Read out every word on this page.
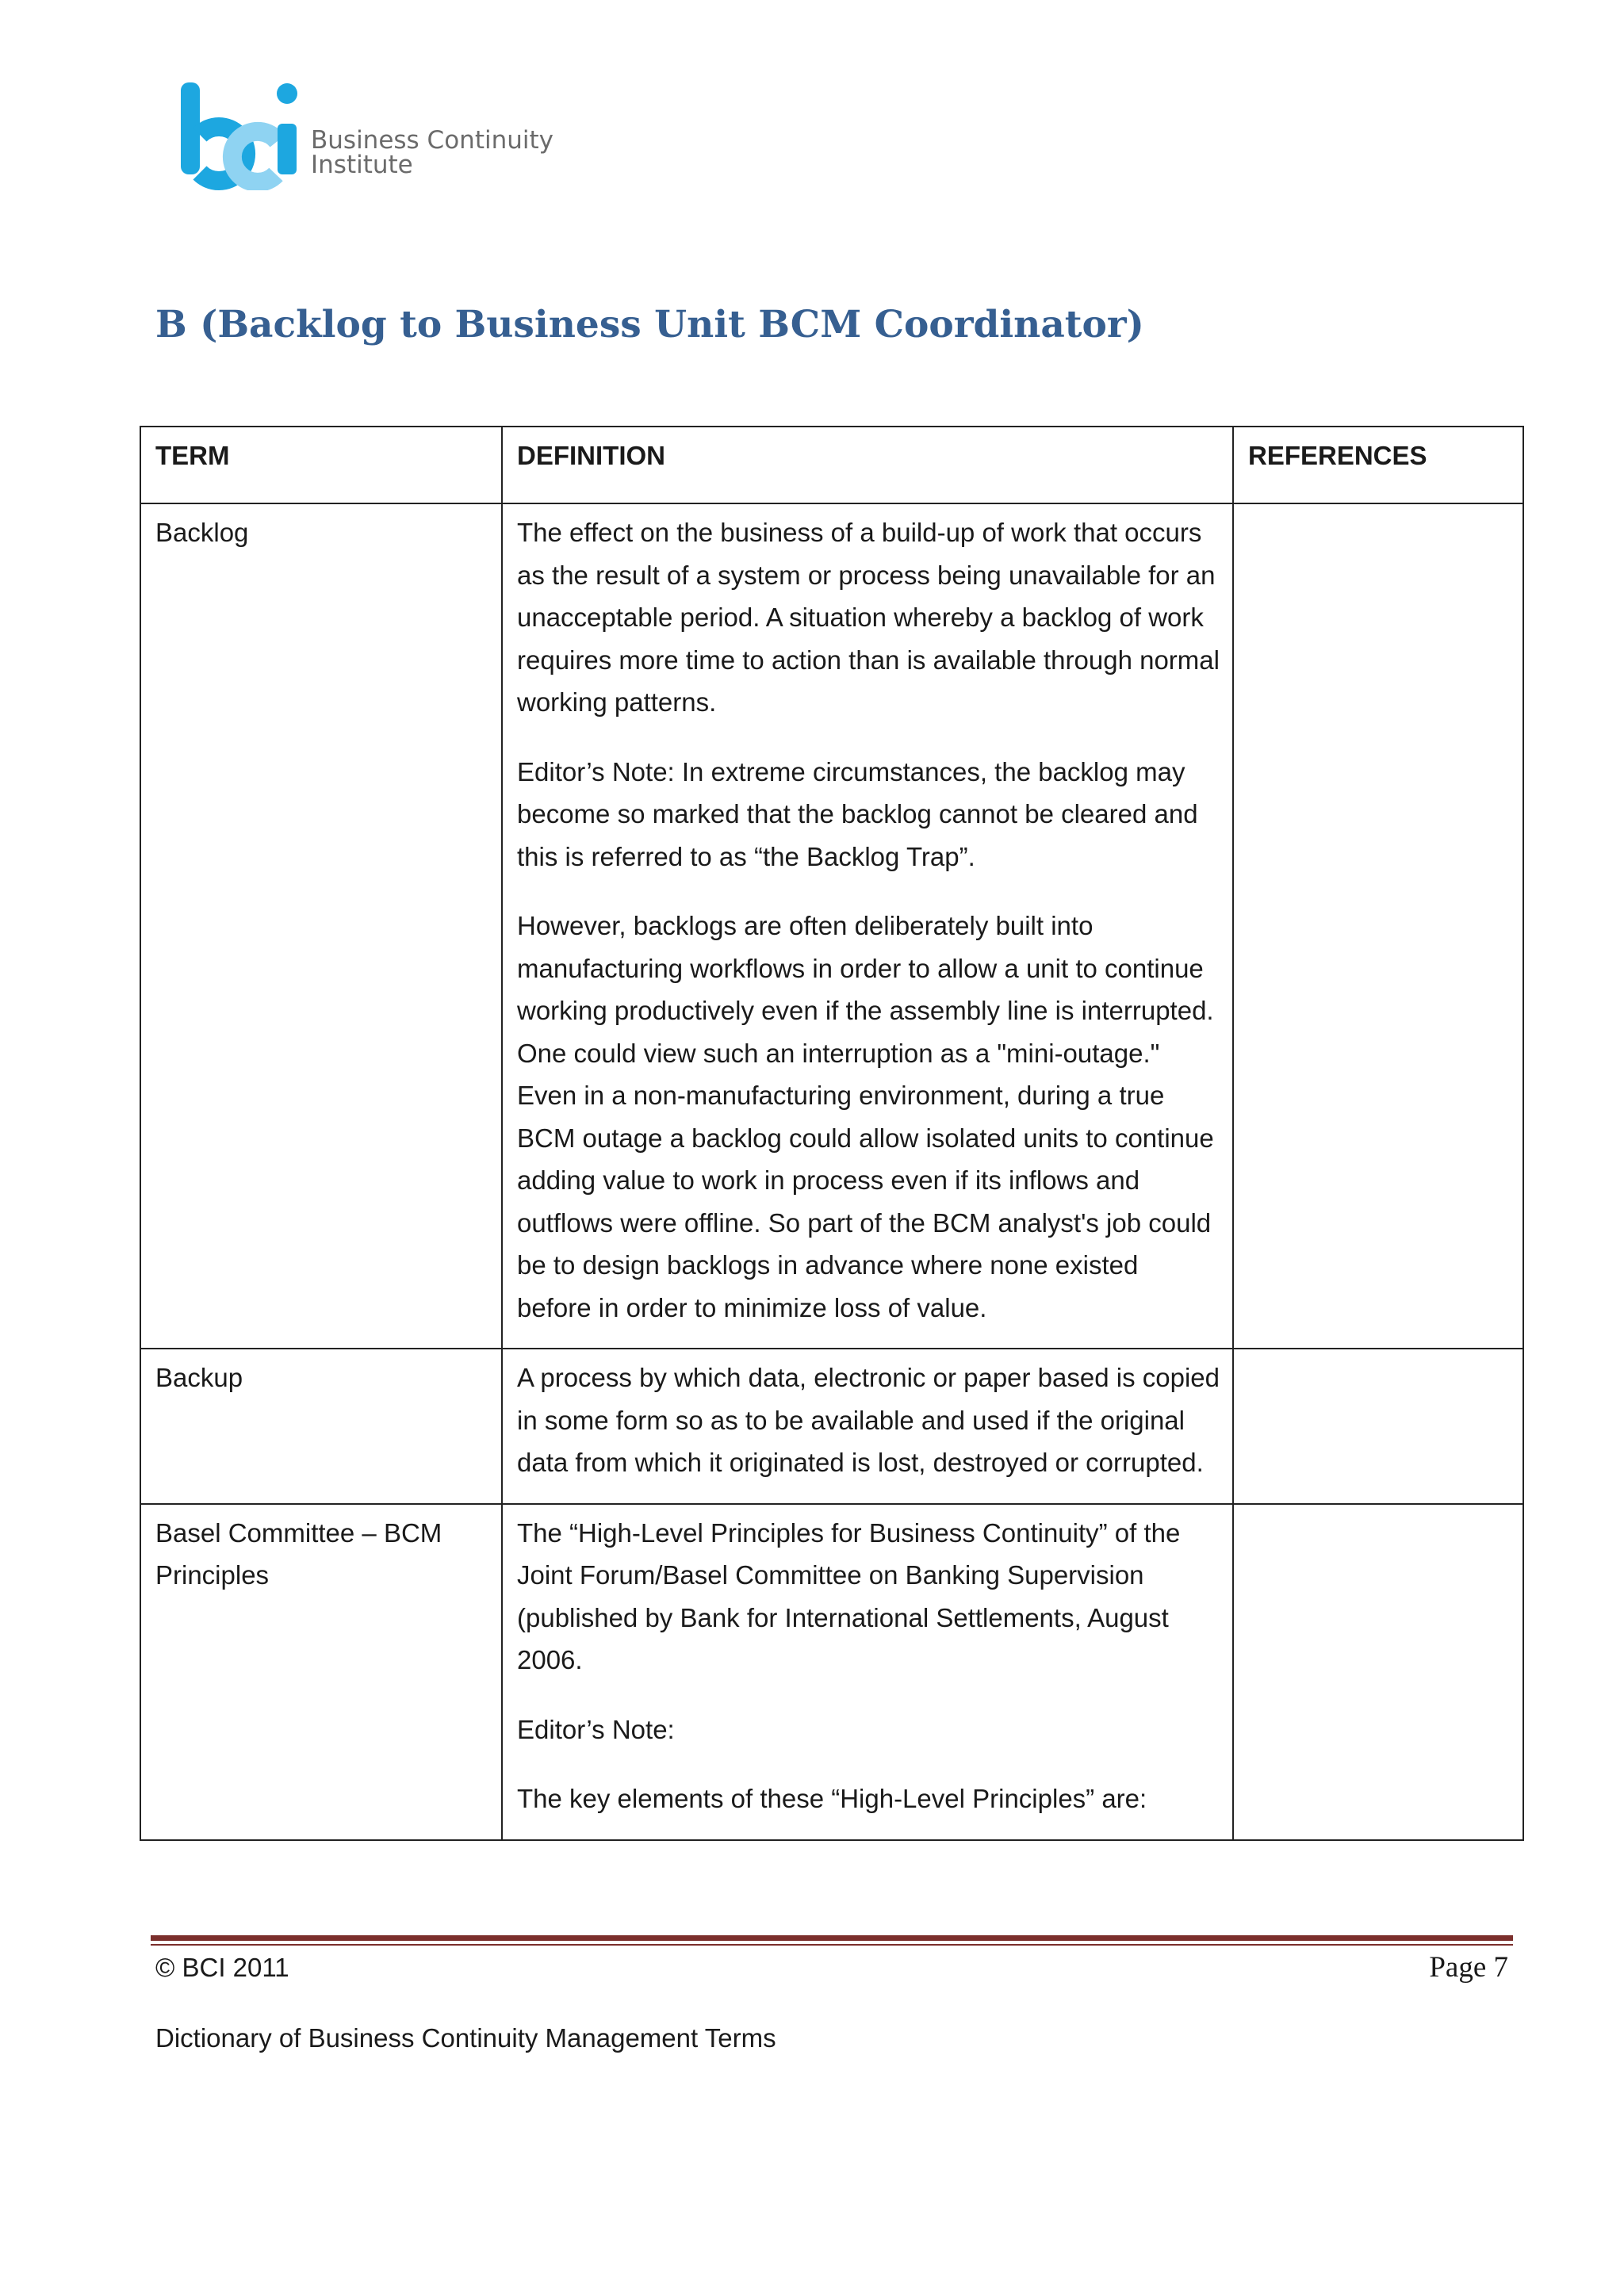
Business Continuity
Institute
B (Backlog to Business Unit BCM Coordinator)
TERM	DEFINITION	REFERENCES
Backlog	The effect on the business of a build-up of work that occurs as the result of a system or process being unavailable for an unacceptable period. A situation whereby a backlog of work requires more time to action than is available through normal working patterns.

Editor’s Note: In extreme circumstances, the backlog may become so marked that the backlog cannot be cleared and this is referred to as “the Backlog Trap”.

However, backlogs are often deliberately built into manufacturing workflows in order to allow a unit to continue working productively even if the assembly line is interrupted. One could view such an interruption as a "mini-outage." Even in a non-manufacturing environment, during a true BCM outage a backlog could allow isolated units to continue adding value to work in process even if its inflows and outflows were offline. So part of the BCM analyst's job could be to design backlogs in advance where none existed before in order to minimize loss of value.	

Backup	A process by which data, electronic or paper based is copied in some form so as to be available and used if the original data from which it originated is lost, destroyed or corrupted.	

Basel Committee – BCM Principles	The “High-Level Principles for Business Continuity” of the Joint Forum/Basel Committee on Banking Supervision (published by Bank for International Settlements, August 2006.

Editor’s Note:

The key elements of these “High-Level Principles” are:	

© BCI 2011	Page 7
Dictionary of Business Continuity Management Terms
